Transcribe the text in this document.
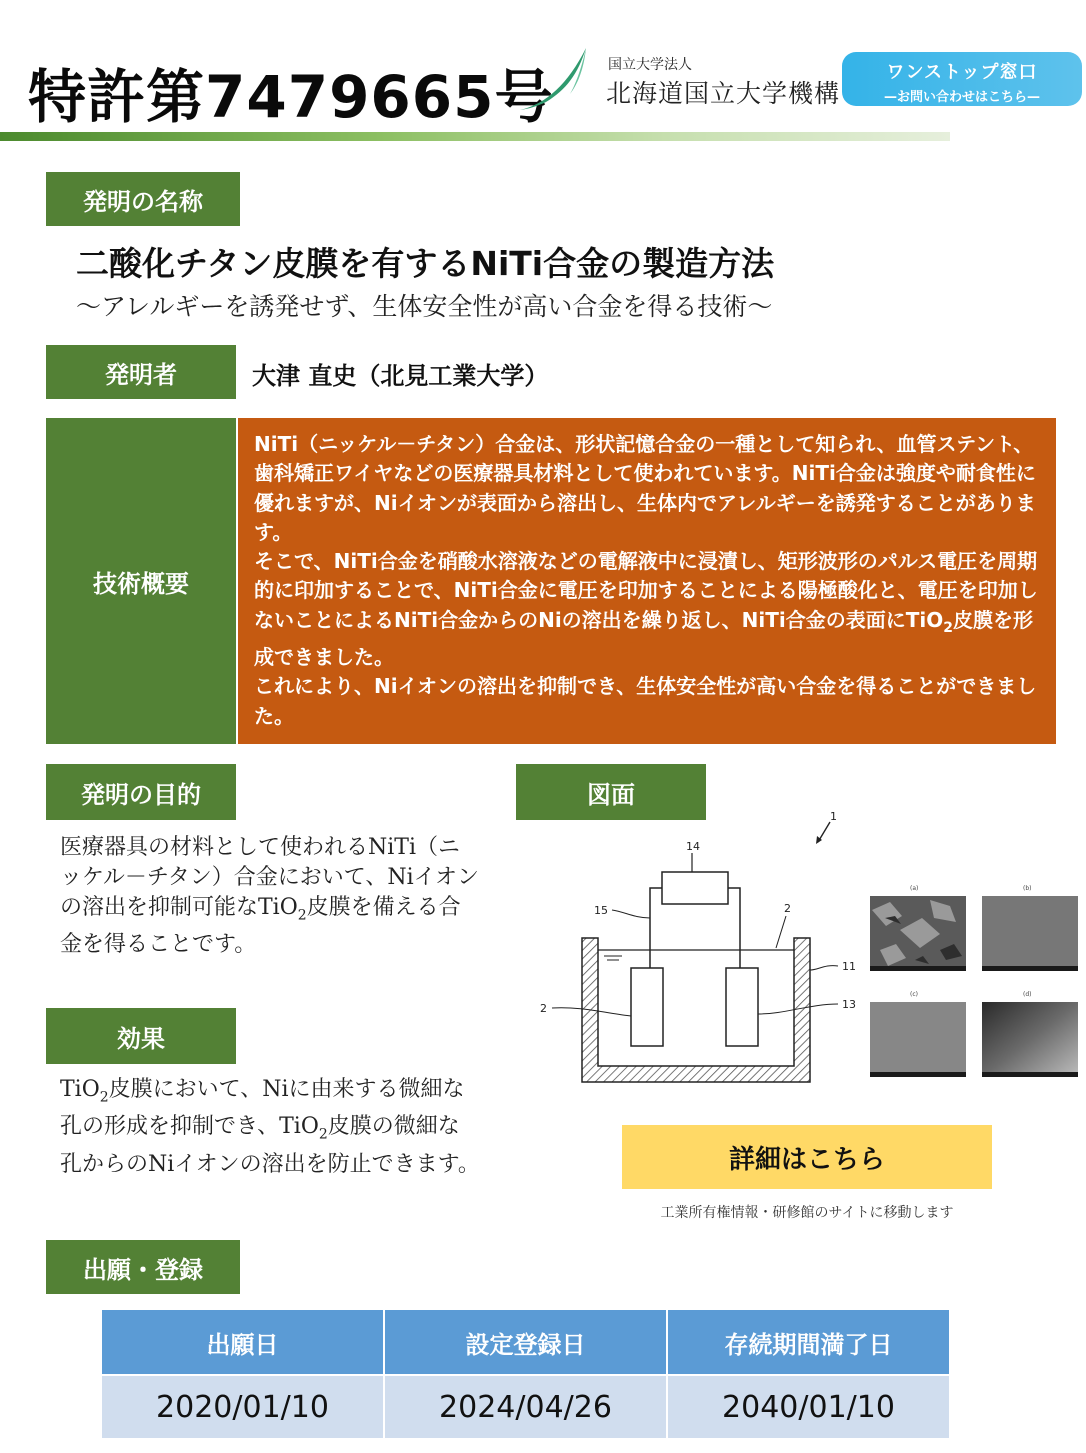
特許第7479665号	国立大学法人
北海道国立大学機構
ワンストップ窓口
—お問い合わせはこちら—
発明の名称
二酸化チタン皮膜を有するNiTi合金の製造方法
～アレルギーを誘発せず、生体安全性が高い合金を得る技術～
発明者	大津 直史（北見工業大学）
技術概要

NiTi（ニッケル－チタン）合金は、形状記憶合金の一種として知られ、血管ステント、歯科矯正ワイヤなどの医療器具材料として使われています。NiTi合金は強度や耐食性に優れますが、Niイオンが表面から溶出し、生体内でアレルギーを誘発することがあります。

そこで、NiTi合金を硝酸水溶液などの電解液中に浸漬し、矩形波形のパルス電圧を周期的に印加することで、NiTi合金に電圧を印加することによる陽極酸化と、電圧を印加しないことによるNiTi合金からのNiの溶出を繰り返し、NiTi合金の表面にTiO$_2$皮膜を形成できました。

これにより、Niイオンの溶出を抑制でき、生体安全性が高い合金を得ることができました。

発明の目的
医療器具の材料として使われるNiTi（ニッケル－チタン）合金において、Niイオンの溶出を抑制可能なTiO$_2$皮膜を備える合金を得ることです。
効果
TiO$_2$皮膜において、Niに由来する微細な孔の形成を抑制でき、TiO$_2$皮膜の微細な孔からのNiイオンの溶出を防止できます。
図面
1
14
15	2
11
13
2
(a)	(b)
(c)	(d)
詳細はこちら
工業所有権情報・研修館のサイトに移動します
出願・登録
出願日	設定登録日	存続期間満了日
2020/01/10	2024/04/26	2040/01/10
